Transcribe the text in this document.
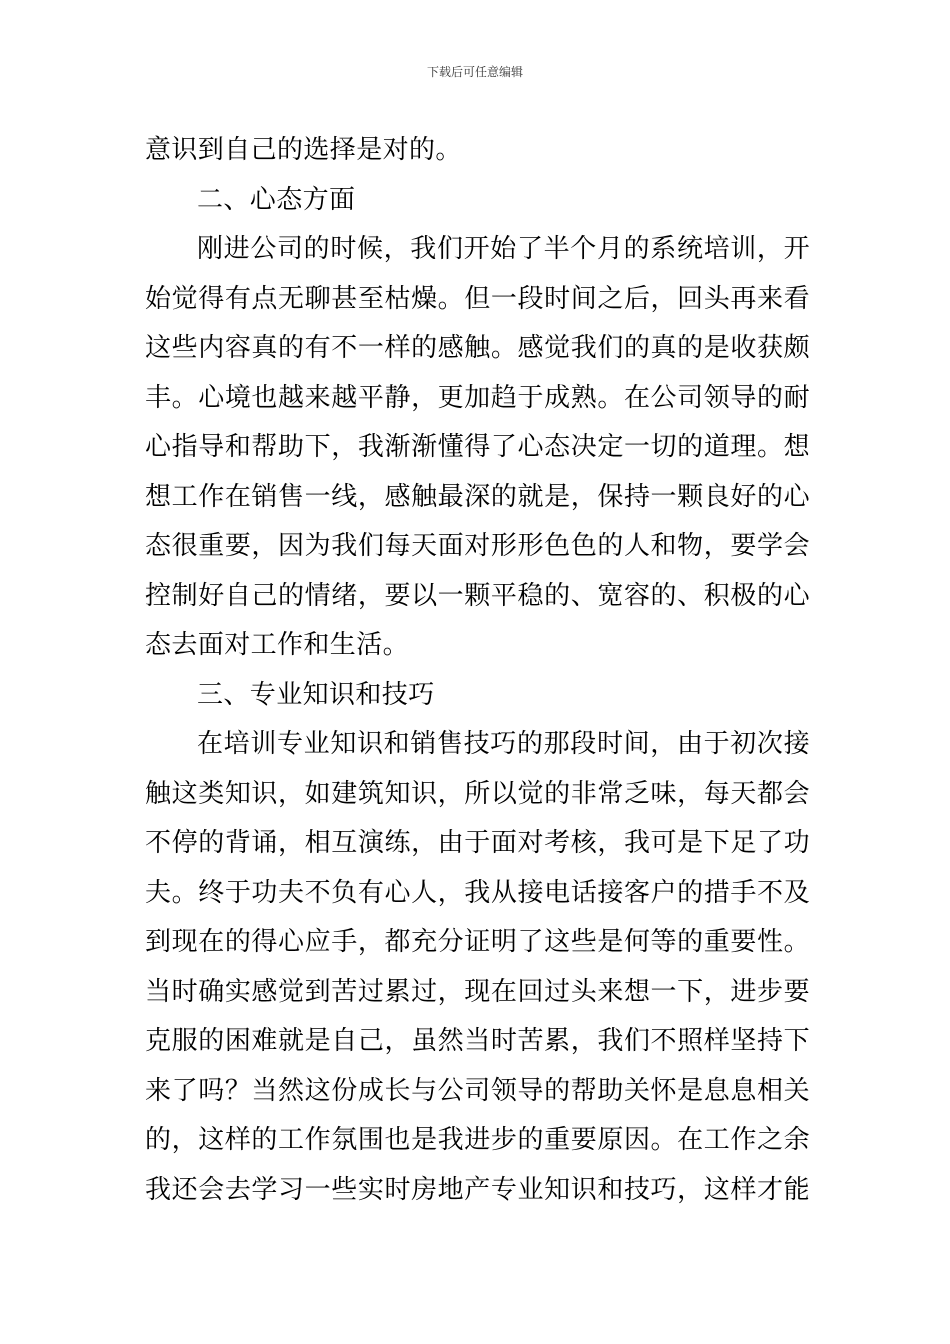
下载后可任意编辑
意识到自己的选择是对的。
二、心态方面
刚进公司的时候，我们开始了半个月的系统培训，开
始觉得有点无聊甚至枯燥。但一段时间之后，回头再来看
这些内容真的有不一样的感触。感觉我们的真的是收获颇
丰。心境也越来越平静，更加趋于成熟。在公司领导的耐
心指导和帮助下，我渐渐懂得了心态决定一切的道理。想
想工作在销售一线，感触最深的就是，保持一颗良好的心
态很重要，因为我们每天面对形形色色的人和物，要学会
控制好自己的情绪，要以一颗平稳的、宽容的、积极的心
态去面对工作和生活。
三、专业知识和技巧
在培训专业知识和销售技巧的那段时间，由于初次接
触这类知识，如建筑知识，所以觉的非常乏味，每天都会
不停的背诵，相互演练，由于面对考核，我可是下足了功
夫。终于功夫不负有心人，我从接电话接客户的措手不及
到现在的得心应手，都充分证明了这些是何等的重要性。
当时确实感觉到苦过累过，现在回过头来想一下，进步要
克服的困难就是自己，虽然当时苦累，我们不照样坚持下
来了吗？当然这份成长与公司领导的帮助关怀是息息相关
的，这样的工作氛围也是我进步的重要原因。在工作之余
我还会去学习一些实时房地产专业知识和技巧，这样才能
